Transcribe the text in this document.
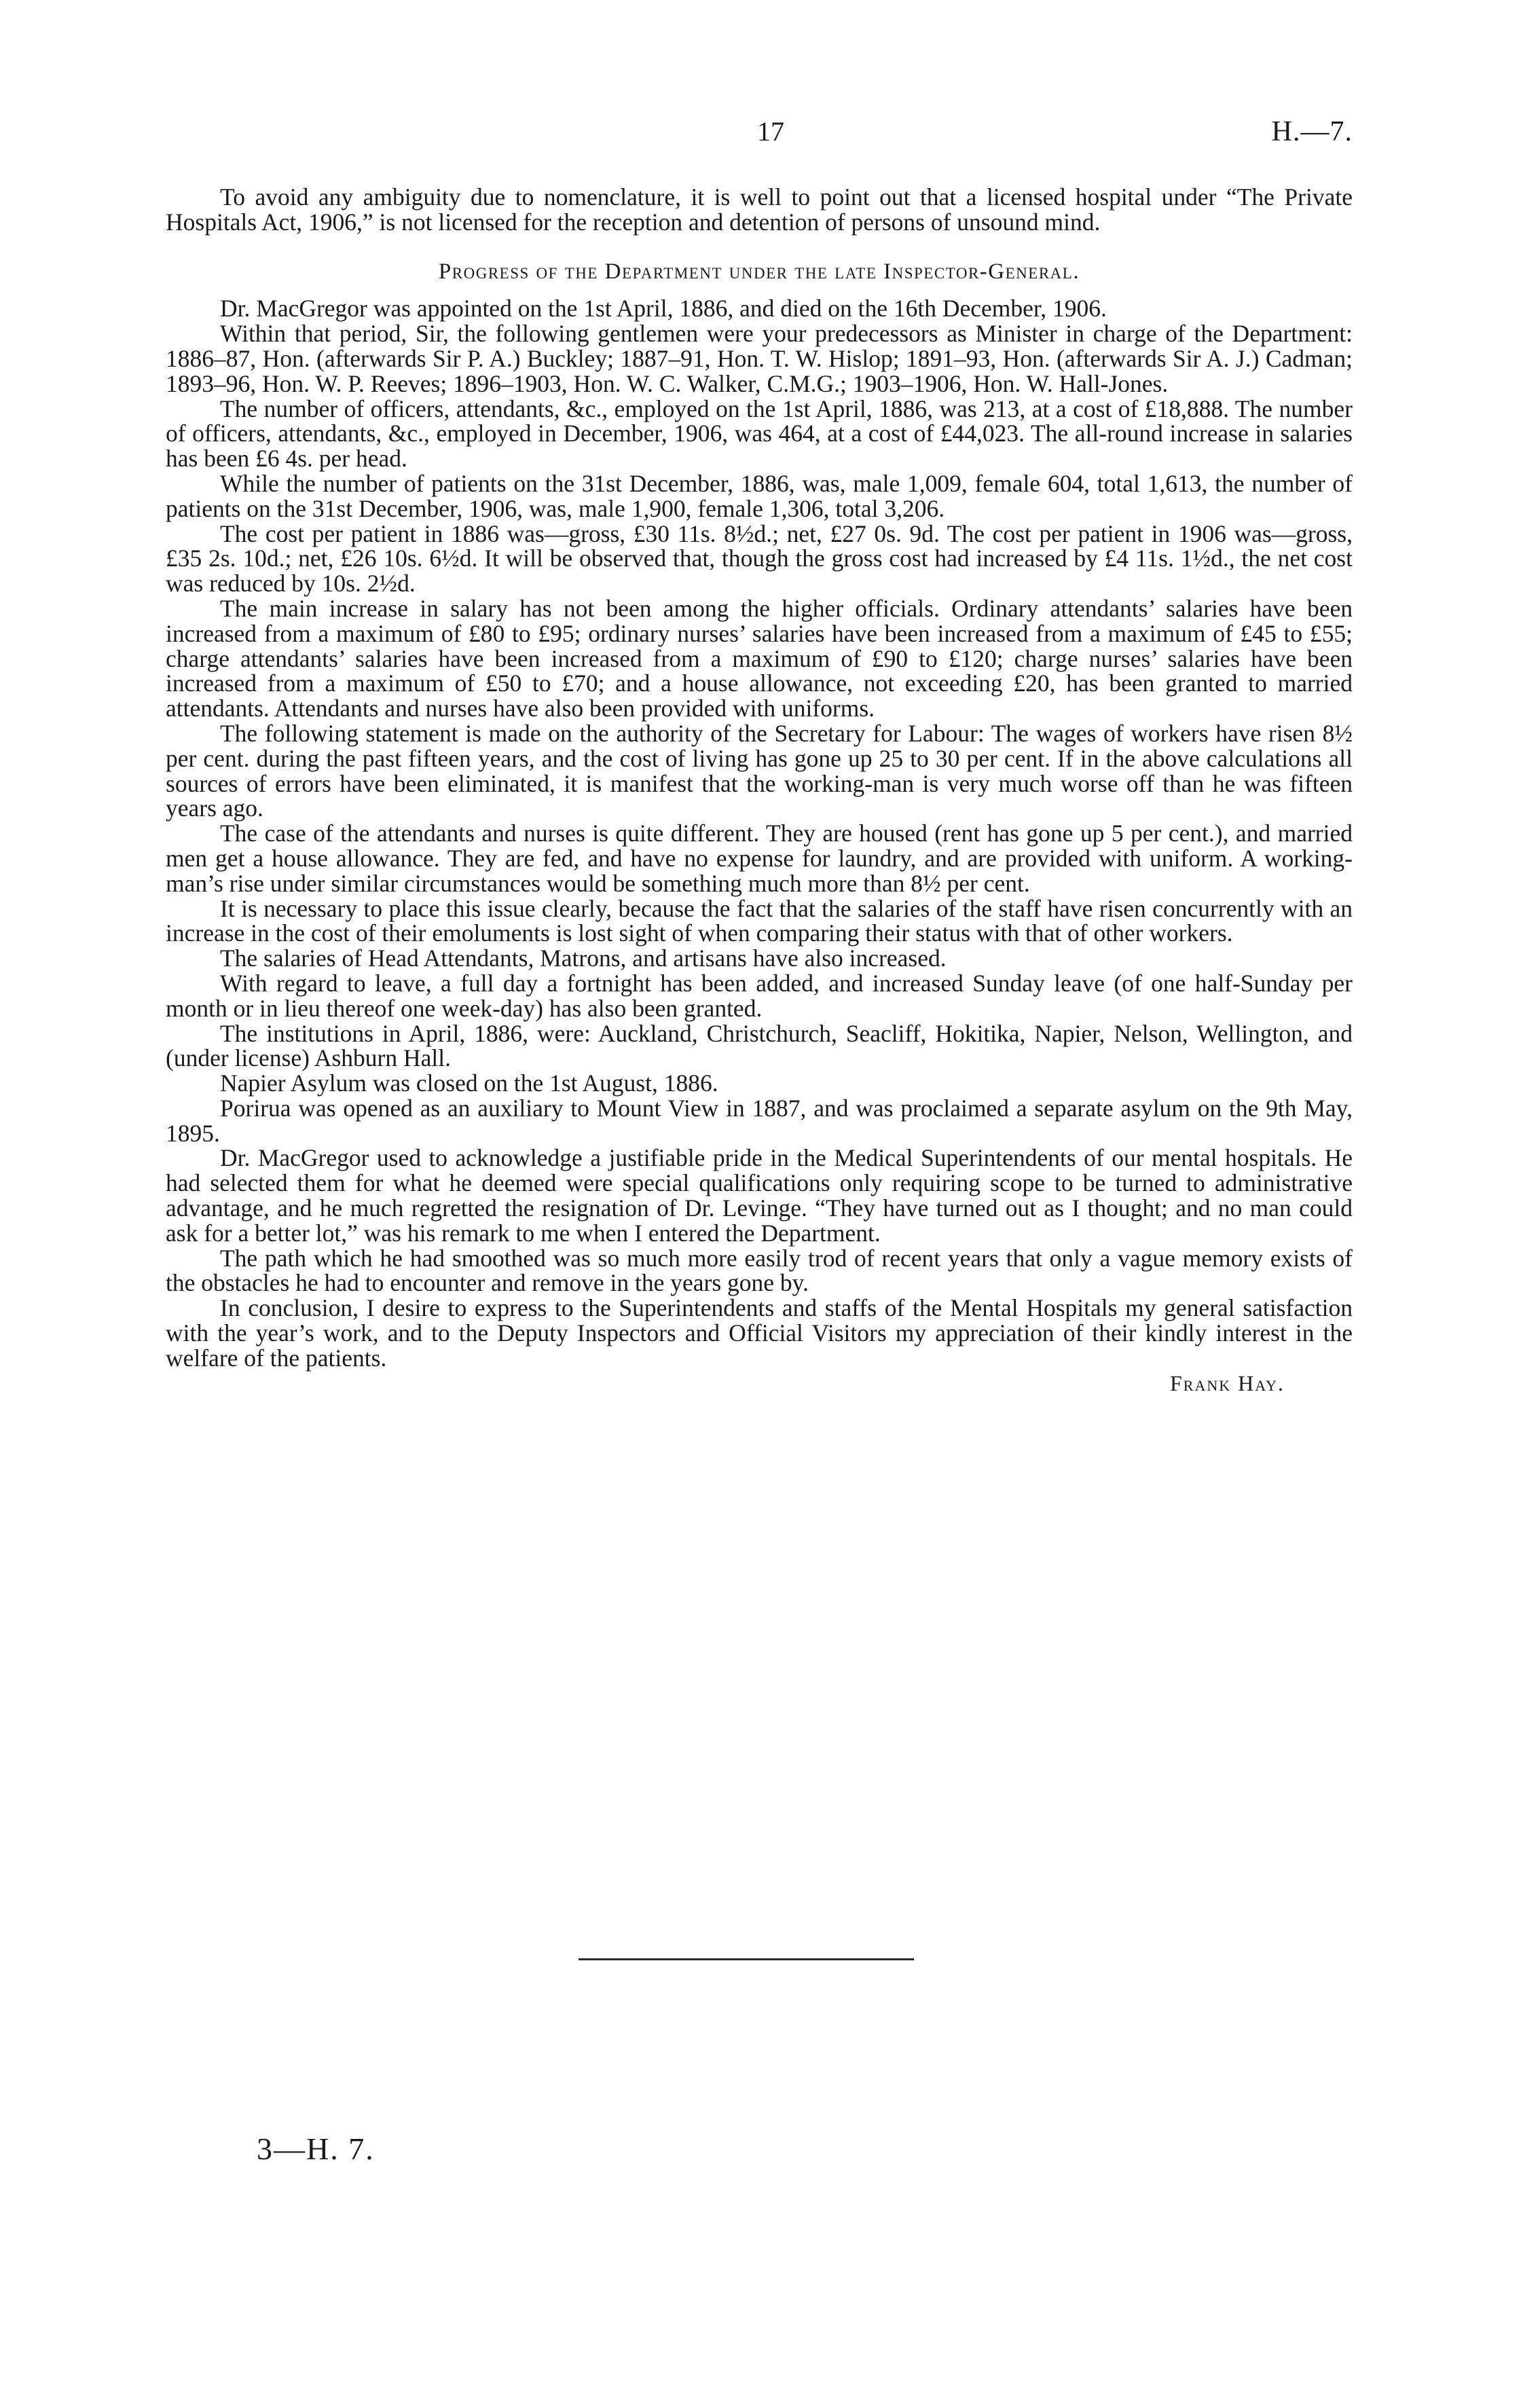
17	H.—7.

To avoid any ambiguity due to nomenclature, it is well to point out that a licensed hospital under “The Private Hospitals Act, 1906,” is not licensed for the reception and detention of persons of unsound mind.

Progress of the Department under the late Inspector-General.

Dr. MacGregor was appointed on the 1st April, 1886, and died on the 16th December, 1906.

Within that period, Sir, the following gentlemen were your predecessors as Minister in charge of the Department: 1886–87, Hon. (afterwards Sir P. A.) Buckley; 1887–91, Hon. T. W. Hislop; 1891–93, Hon. (afterwards Sir A. J.) Cadman; 1893–96, Hon. W. P. Reeves; 1896–1903, Hon. W. C. Walker, C.M.G.; 1903–1906, Hon. W. Hall-Jones.

The number of officers, attendants, &c., employed on the 1st April, 1886, was 213, at a cost of £18,888. The number of officers, attendants, &c., employed in December, 1906, was 464, at a cost of £44,023. The all-round increase in salaries has been £6 4s. per head.

While the number of patients on the 31st December, 1886, was, male 1,009, female 604, total 1,613, the number of patients on the 31st December, 1906, was, male 1,900, female 1,306, total 3,206.

The cost per patient in 1886 was—gross, £30 11s. 8½d.; net, £27 0s. 9d. The cost per patient in 1906 was—gross, £35 2s. 10d.; net, £26 10s. 6½d. It will be observed that, though the gross cost had increased by £4 11s. 1½d., the net cost was reduced by 10s. 2½d.

The main increase in salary has not been among the higher officials. Ordinary attendants’ salaries have been increased from a maximum of £80 to £95; ordinary nurses’ salaries have been increased from a maximum of £45 to £55; charge attendants’ salaries have been increased from a maximum of £90 to £120; charge nurses’ salaries have been increased from a maximum of £50 to £70; and a house allowance, not exceeding £20, has been granted to married attendants. Attendants and nurses have also been provided with uniforms.

The following statement is made on the authority of the Secretary for Labour: The wages of workers have risen 8½ per cent. during the past fifteen years, and the cost of living has gone up 25 to 30 per cent. If in the above calculations all sources of errors have been eliminated, it is manifest that the working-man is very much worse off than he was fifteen years ago.

The case of the attendants and nurses is quite different. They are housed (rent has gone up 5 per cent.), and married men get a house allowance. They are fed, and have no expense for laundry, and are provided with uniform. A working-man’s rise under similar circumstances would be something much more than 8½ per cent.

It is necessary to place this issue clearly, because the fact that the salaries of the staff have risen concurrently with an increase in the cost of their emoluments is lost sight of when comparing their status with that of other workers.

The salaries of Head Attendants, Matrons, and artisans have also increased.

With regard to leave, a full day a fortnight has been added, and increased Sunday leave (of one half-Sunday per month or in lieu thereof one week-day) has also been granted.

The institutions in April, 1886, were: Auckland, Christchurch, Seacliff, Hokitika, Napier, Nelson, Wellington, and (under license) Ashburn Hall.

Napier Asylum was closed on the 1st August, 1886.

Porirua was opened as an auxiliary to Mount View in 1887, and was proclaimed a separate asylum on the 9th May, 1895.

Dr. MacGregor used to acknowledge a justifiable pride in the Medical Superintendents of our mental hospitals. He had selected them for what he deemed were special qualifications only requiring scope to be turned to administrative advantage, and he much regretted the resignation of Dr. Levinge. “They have turned out as I thought; and no man could ask for a better lot,” was his remark to me when I entered the Department.

The path which he had smoothed was so much more easily trod of recent years that only a vague memory exists of the obstacles he had to encounter and remove in the years gone by.

In conclusion, I desire to express to the Superintendents and staffs of the Mental Hospitals my general satisfaction with the year’s work, and to the Deputy Inspectors and Official Visitors my appreciation of their kindly interest in the welfare of the patients.

Frank Hay.
3—H. 7.
